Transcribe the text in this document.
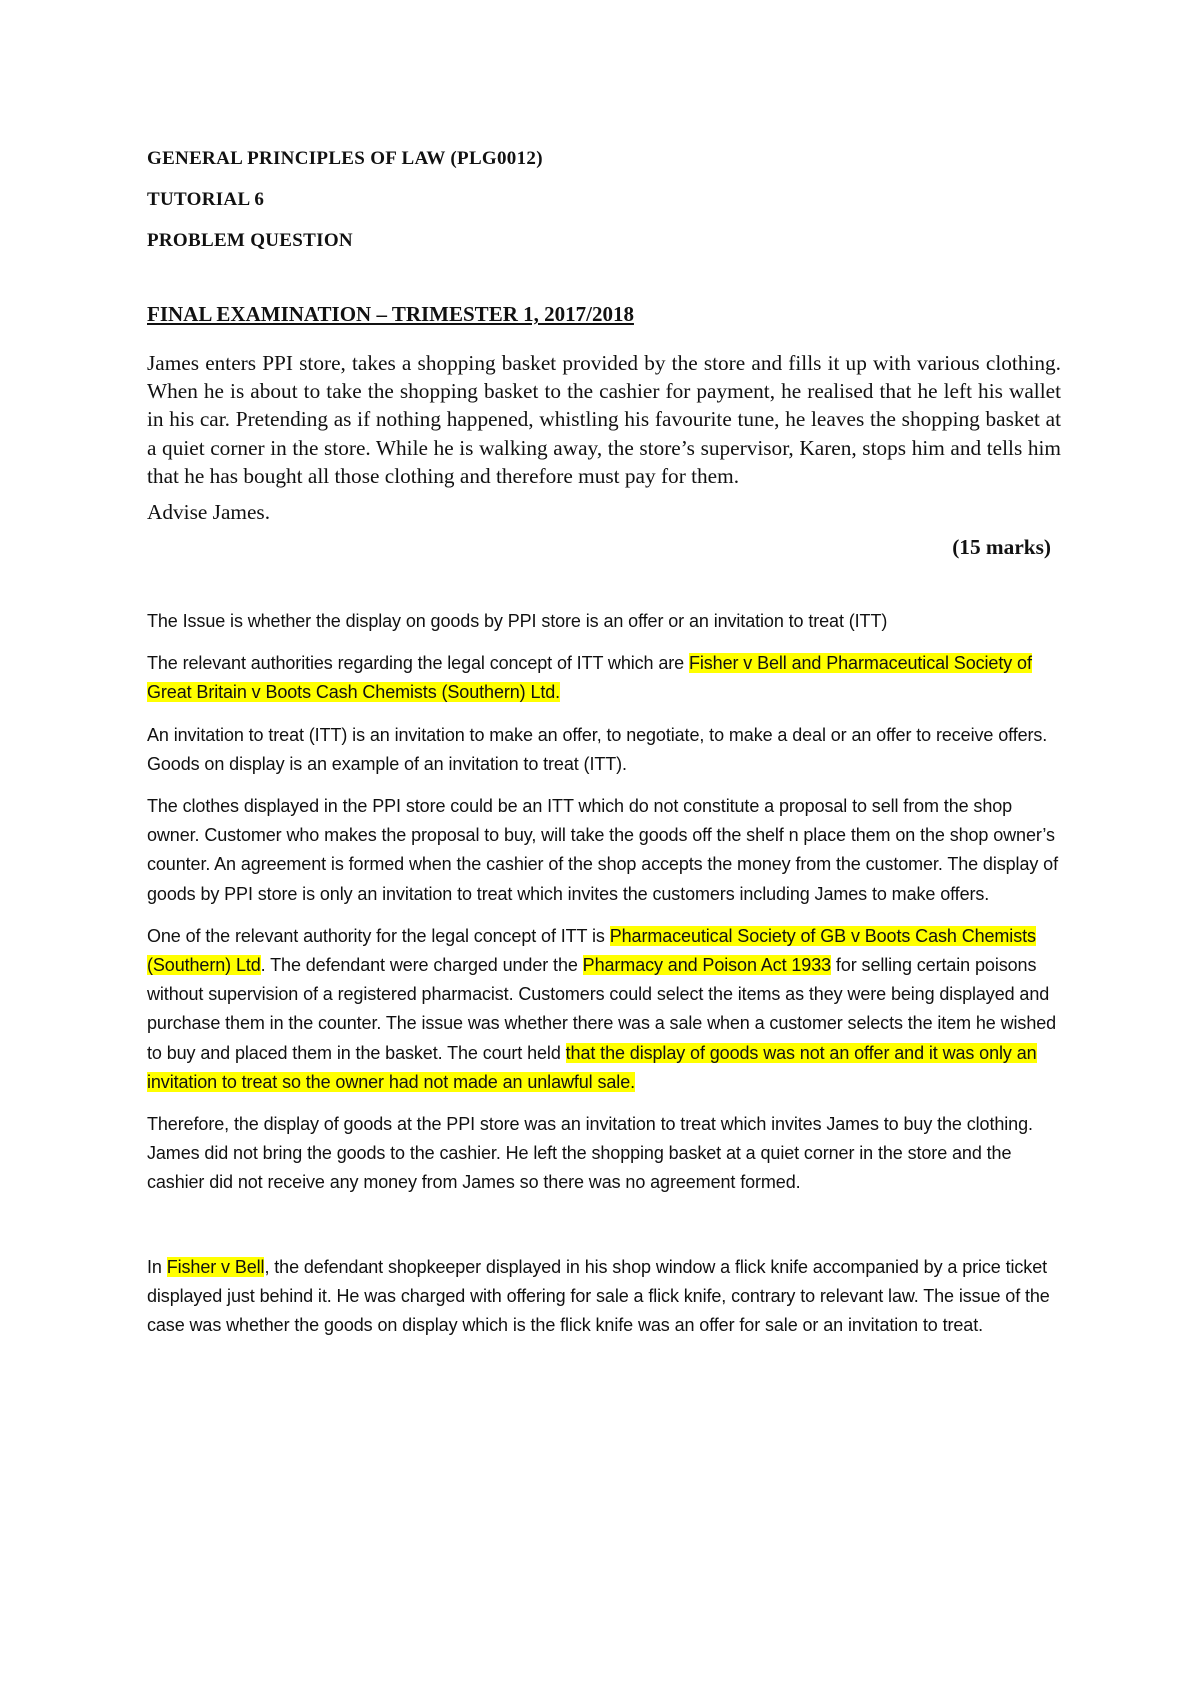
GENERAL PRINCIPLES OF LAW (PLG0012)

TUTORIAL 6

PROBLEM QUESTION

FINAL EXAMINATION – TRIMESTER 1, 2017/2018

James enters PPI store, takes a shopping basket provided by the store and fills it up with various clothing. When he is about to take the shopping basket to the cashier for payment, he realised that he left his wallet in his car. Pretending as if nothing happened, whistling his favourite tune, he leaves the shopping basket at a quiet corner in the store. While he is walking away, the store’s supervisor, Karen, stops him and tells him that he has bought all those clothing and therefore must pay for them.

Advise James.

(15 marks)

The Issue is whether the display on goods by PPI store is an offer or an invitation to treat (ITT)

The relevant authorities regarding the legal concept of ITT which are Fisher v Bell and Pharmaceutical Society of Great Britain v Boots Cash Chemists (Southern) Ltd.

An invitation to treat (ITT) is an invitation to make an offer, to negotiate, to make a deal or an offer to receive offers. Goods on display is an example of an invitation to treat (ITT).

The clothes displayed in the PPI store could be an ITT which do not constitute a proposal to sell from the shop owner. Customer who makes the proposal to buy, will take the goods off the shelf n place them on the shop owner’s counter. An agreement is formed when the cashier of the shop accepts the money from the customer. The display of goods by PPI store is only an invitation to treat which invites the customers including James to make offers.

One of the relevant authority for the legal concept of ITT is Pharmaceutical Society of GB v Boots Cash Chemists (Southern) Ltd. The defendant were charged under the Pharmacy and Poison Act 1933 for selling certain poisons without supervision of a registered pharmacist. Customers could select the items as they were being displayed and purchase them in the counter. The issue was whether there was a sale when a customer selects the item he wished to buy and placed them in the basket. The court held that the display of goods was not an offer and it was only an invitation to treat so the owner had not made an unlawful sale.

Therefore, the display of goods at the PPI store was an invitation to treat which invites James to buy the clothing. James did not bring the goods to the cashier. He left the shopping basket at a quiet corner in the store and the cashier did not receive any money from James so there was no agreement formed.

In Fisher v Bell, the defendant shopkeeper displayed in his shop window a flick knife accompanied by a price ticket displayed just behind it. He was charged with offering for sale a flick knife, contrary to relevant law. The issue of the case was whether the goods on display which is the flick knife was an offer for sale or an invitation to treat.
